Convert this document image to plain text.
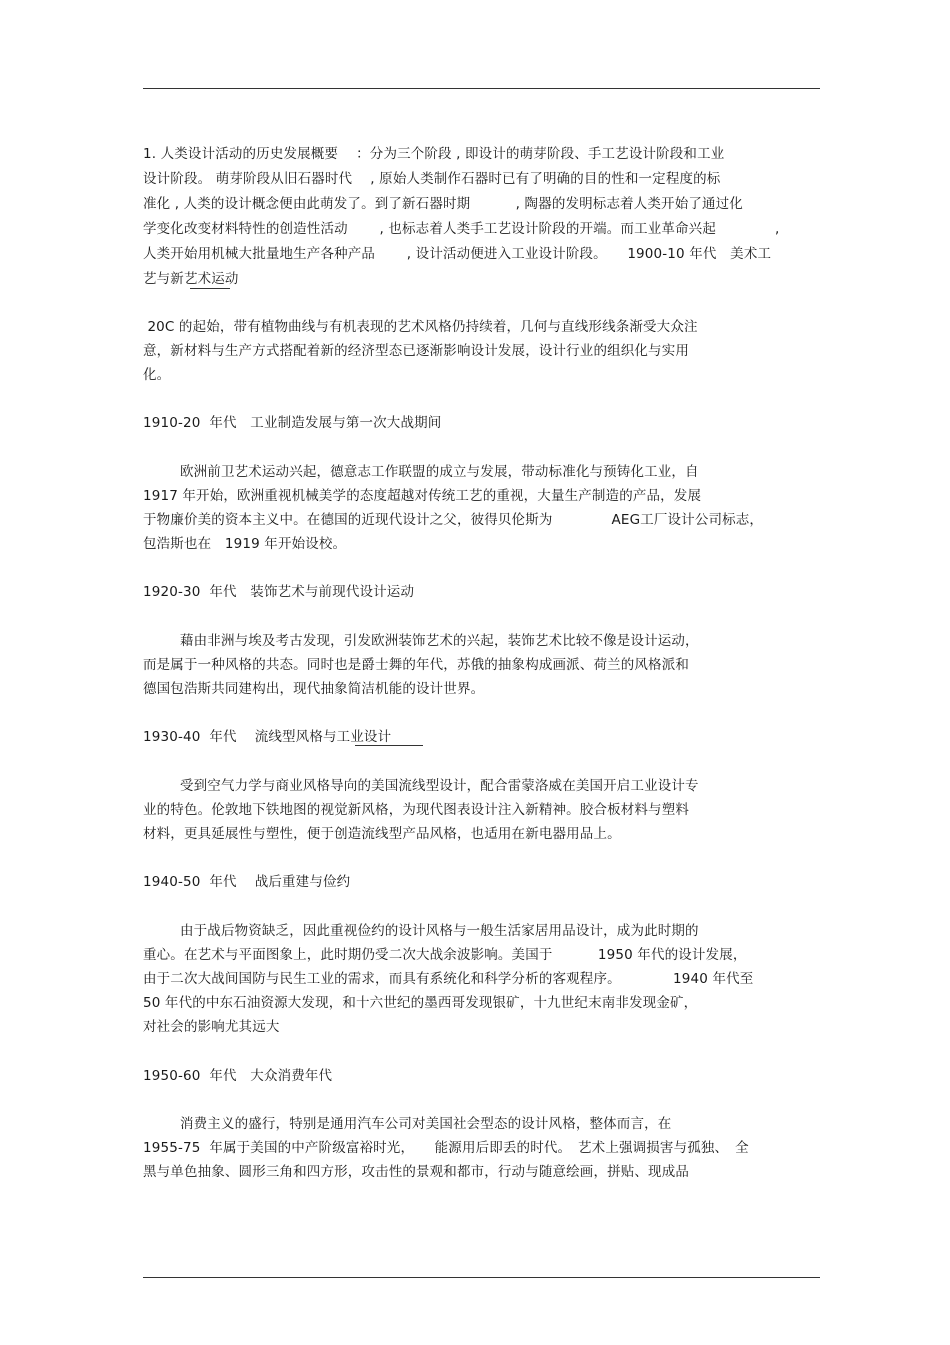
1. 人类设计活动的历史发展概要　 ：分为三个阶段 , 即设计的萌芽阶段、手工艺设计阶段和工业
设计阶段。 萌芽阶段从旧石器时代　 , 原始人类制作石器时已有了明确的目的性和一定程度的标
准化 , 人类的设计概念便由此萌发了。到了新石器时期　　　 , 陶器的发明标志着人类开始了通过化
学变化改变材料特性的创造性活动　　 , 也标志着人类手工艺设计阶段的开端。而工业革命兴起　　　　 ,
人类开始用机械大批量地生产各种产品　　 , 设计活动便进入工业设计阶段。　　1900-10 年代　美术工
艺与新艺术运动
20C 的起始，带有植物曲线与有机表现的艺术风格仍持续着，几何与直线形线条渐受大众注
意，新材料与生产方式搭配着新的经济型态已逐渐影响设计发展，设计行业的组织化与实用
化。
1910-20  年代　工业制造发展与第一次大战期间
欧洲前卫艺术运动兴起，德意志工作联盟的成立与发展，带动标准化与预铸化工业，自
1917 年开始，欧洲重视机械美学的态度超越对传统工艺的重视，大量生产制造的产品，发展
于物廉价美的资本主义中。在德国的近现代设计之父，彼得贝伦斯为　　　　 AEG工厂设计公司标志，
包浩斯也在　1919 年开始设校。
1920-30  年代　装饰艺术与前现代设计运动
藉由非洲与埃及考古发现，引发欧洲装饰艺术的兴起，装饰艺术比较不像是设计运动，
而是属于一种风格的共态。同时也是爵士舞的年代，苏俄的抽象构成画派、荷兰的风格派和
德国包浩斯共同建构出，现代抽象简洁机能的设计世界。
1930-40  年代　 流线型风格与工业设计
受到空气力学与商业风格导向的美国流线型设计，配合雷蒙洛威在美国开启工业设计专
业的特色。伦敦地下铁地图的视觉新风格，为现代图表设计注入新精神。胶合板材料与塑料
材料，更具延展性与塑性，便于创造流线型产品风格，也适用在新电器用品上。
1940-50  年代　 战后重建与俭约
由于战后物资缺乏，因此重视俭约的设计风格与一般生活家居用品设计，成为此时期的
重心。在艺术与平面图象上，此时期仍受二次大战余波影响。美国于　　　 1950 年代的设计发展，
由于二次大战间国防与民生工业的需求，而具有系统化和科学分析的客观程序。　　　　 1940 年代至
50 年代的中东石油资源大发现，和十六世纪的墨西哥发现银矿，十九世纪末南非发现金矿，
对社会的影响尤其远大
1950-60  年代　大众消费年代
消费主义的盛行，特别是通用汽车公司对美国社会型态的设计风格，整体而言，在
1955-75  年属于美国的中产阶级富裕时光，　　能源用后即丢的时代。　艺术上强调损害与孤独、　全
黑与单色抽象、圆形三角和四方形，攻击性的景观和都市，行动与随意绘画，拼贴、现成品
